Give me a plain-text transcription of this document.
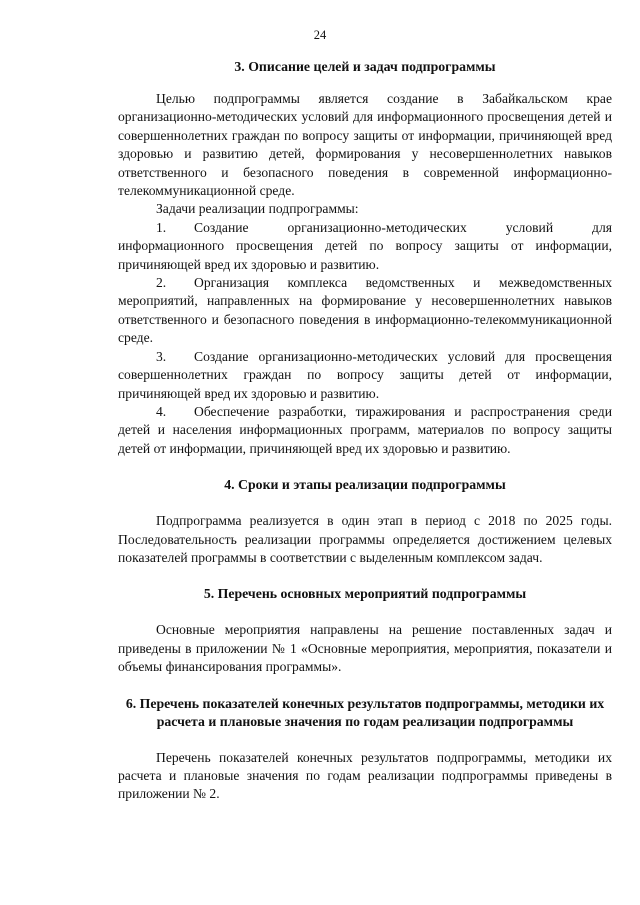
24
3. Описание целей и задач подпрограммы

Целью подпрограммы является создание в Забайкальском крае организационно-методических условий для информационного просвещения детей и совершеннолетних граждан по вопросу защиты от информации, причиняющей вред здоровью и развитию детей, формирования у несовершеннолетних навыков ответственного и безопасного поведения в современной информационно-телекоммуникационной среде.

Задачи реализации подпрограммы:

1. Создание организационно-методических условий для информационного просвещения детей по вопросу защиты от информации, причиняющей вред их здоровью и развитию.

2. Организация комплекса ведомственных и межведомственных мероприятий, направленных на формирование у несовершеннолетних навыков ответственного и безопасного поведения в информационно-телекоммуникационной среде.

3. Создание организационно-методических условий для просвещения совершеннолетних граждан по вопросу защиты детей от информации, причиняющей вред их здоровью и развитию.

4. Обеспечение разработки, тиражирования и распространения среди детей и населения информационных программ, материалов по вопросу защиты детей от информации, причиняющей вред их здоровью и развитию.

4. Сроки и этапы реализации подпрограммы

Подпрограмма реализуется в один этап в период с 2018 по 2025 годы. Последовательность реализации программы определяется достижением целевых показателей программы в соответствии с выделенным комплексом задач.

5. Перечень основных мероприятий подпрограммы

Основные мероприятия направлены на решение поставленных задач и приведены в приложении № 1 «Основные мероприятия, мероприятия, показатели и объемы финансирования программы».

6. Перечень показателей конечных результатов подпрограммы, методики их расчета и плановые значения по годам реализации подпрограммы

Перечень показателей конечных результатов подпрограммы, методики их расчета и плановые значения по годам реализации подпрограммы приведены в приложении № 2.
